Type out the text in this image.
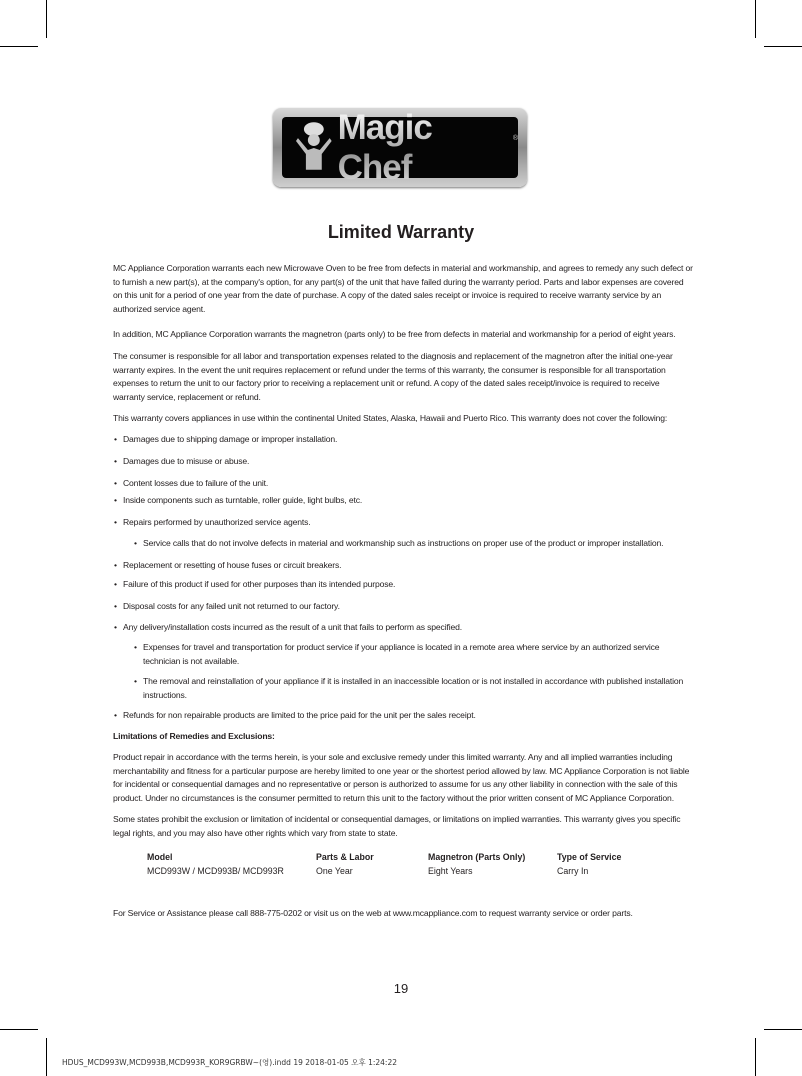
Magic Chef
®
Limited Warranty

MC Appliance Corporation warrants each new Microwave Oven to be free from defects in material and workmanship, and agrees to remedy any such defect or to furnish a new part(s), at the company's option, for any part(s) of the unit that have failed during the warranty period. Parts and labor expenses are covered on this unit for a period of one year from the date of purchase. A copy of the dated sales receipt or invoice is required to receive warranty service by an authorized service agent.

In addition, MC Appliance Corporation warrants the magnetron (parts only) to be free from defects in material and workmanship for a period of eight years.

The consumer is responsible for all labor and transportation expenses related to the diagnosis and replacement of the magnetron after the initial one-year warranty expires. In the event the unit requires replacement or refund under the terms of this warranty, the consumer is responsible for all transportation expenses to return the unit to our factory prior to receiving a replacement unit or refund. A copy of the dated sales receipt/invoice is required to receive warranty service, replacement or refund.

This warranty covers appliances in use within the continental United States, Alaska, Hawaii and Puerto Rico. This warranty does not cover the following:

• Damages due to shipping damage or improper installation.
• Damages due to misuse or abuse.
• Content losses due to failure of the unit.
• Inside components such as turntable, roller guide, light bulbs, etc.
• Repairs performed by unauthorized service agents.
• Service calls that do not involve defects in material and workmanship such as instructions on proper use of the product or improper installation.
• Replacement or resetting of house fuses or circuit breakers.
• Failure of this product if used for other purposes than its intended purpose.
• Disposal costs for any failed unit not returned to our factory.
• Any delivery/installation costs incurred as the result of a unit that fails to perform as specified.
• Expenses for travel and transportation for product service if your appliance is located in a remote area where service by an authorized service technician is not available.
• The removal and reinstallation of your appliance if it is installed in an inaccessible location or is not installed in accordance with published installation instructions.
• Refunds for non repairable products are limited to the price paid for the unit per the sales receipt.
Limitations of Remedies and Exclusions:

Product repair in accordance with the terms herein, is your sole and exclusive remedy under this limited warranty. Any and all implied warranties including merchantability and fitness for a particular purpose are hereby limited to one year or the shortest period allowed by law. MC Appliance Corporation is not liable for incidental or consequential damages and no representative or person is authorized to assume for us any other liability in connection with the sale of this product. Under no circumstances is the consumer permitted to return this unit to the factory without the prior written consent of MC Appliance Corporation.

Some states prohibit the exclusion or limitation of incidental or consequential damages, or limitations on implied warranties. This warranty gives you specific legal rights, and you may also have other rights which vary from state to state.

Model	Parts & Labor	Magnetron (Parts Only)	Type of Service
MCD993W / MCD993B/ MCD993R	One Year	Eight Years	Carry In
For Service or Assistance please call 888-775-0202 or visit us on the web at www.mcappliance.com to request warranty service or order parts.
19
HDUS_MCD993W,MCD993B,MCD993R_KOR9GRBW~(영).indd 19 2018-01-05 오후 1:24:22
